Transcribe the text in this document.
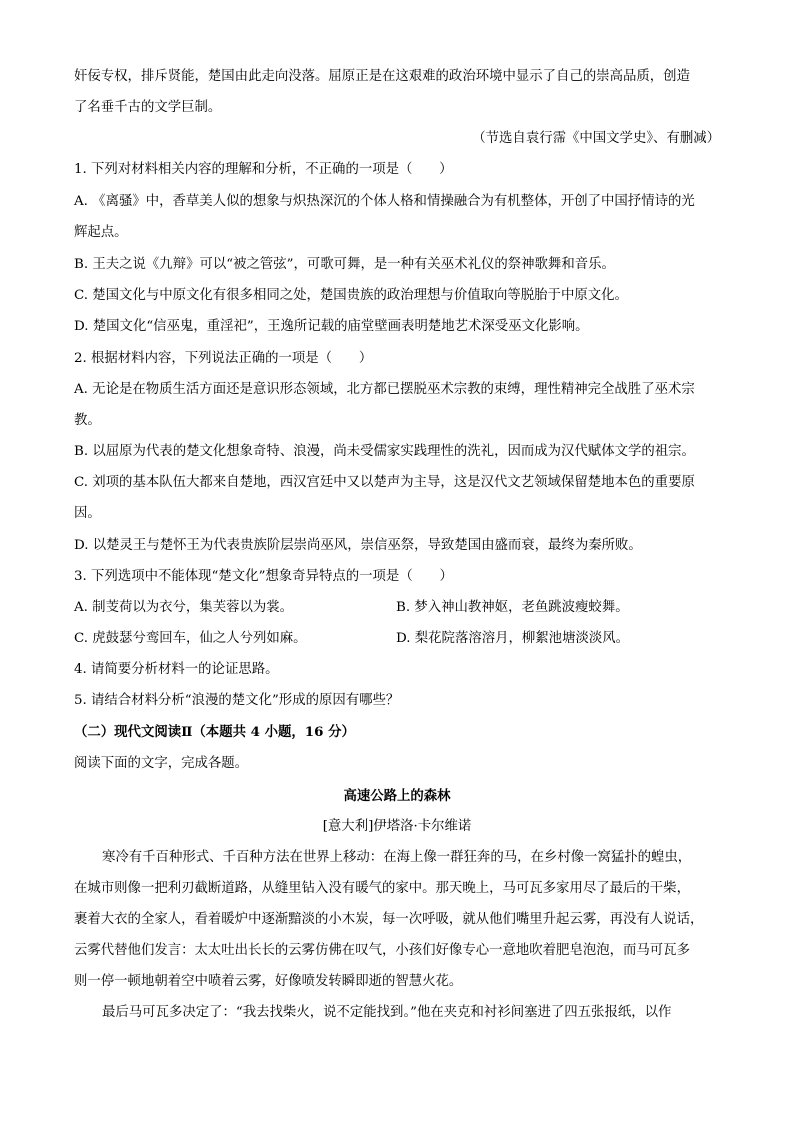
奸佞专权，排斥贤能，楚国由此走向没落。屈原正是在这艰难的政治环境中显示了自己的崇高品质，创造
了名垂千古的文学巨制。
（节选自袁行霈《中国文学史》、有删减）
1. 下列对材料相关内容的理解和分析，不正确的一项是（　　）
A. 《离骚》中，香草美人似的想象与炽热深沉的个体人格和情操融合为有机整体，开创了中国抒情诗的光
辉起点。
B. 王夫之说《九辩》可以“被之管弦”，可歌可舞，是一种有关巫术礼仪的祭神歌舞和音乐。
C. 楚国文化与中原文化有很多相同之处，楚国贵族的政治理想与价值取向等脱胎于中原文化。
D. 楚国文化“信巫鬼，重淫祀”，王逸所记载的庙堂壁画表明楚地艺术深受巫文化影响。
2. 根据材料内容，下列说法正确的一项是（　　）
A. 无论是在物质生活方面还是意识形态领域，北方都已摆脱巫术宗教的束缚，理性精神完全战胜了巫术宗
教。
B. 以屈原为代表的楚文化想象奇特、浪漫，尚未受儒家实践理性的洗礼，因而成为汉代赋体文学的祖宗。
C. 刘项的基本队伍大都来自楚地，西汉宫廷中又以楚声为主导，这是汉代文艺领域保留楚地本色的重要原
因。
D. 以楚灵王与楚怀王为代表贵族阶层崇尚巫风，崇信巫祭，导致楚国由盛而衰，最终为秦所败。
3. 下列选项中不能体现“楚文化”想象奇异特点的一项是（　　）
A. 制芰荷以为衣兮，集芙蓉以为裳。	B. 梦入神山教神妪，老鱼跳波瘦蛟舞。
C. 虎鼓瑟兮鸾回车，仙之人兮列如麻。	D. 梨花院落溶溶月，柳絮池塘淡淡风。
4. 请简要分析材料一的论证思路。
5. 请结合材料分析“浪漫的楚文化”形成的原因有哪些？
（二）现代文阅读Ⅱ（本题共 4 小题，16 分）
阅读下面的文字，完成各题。
高速公路上的森林
[意大利]伊塔洛·卡尔维诺
寒冷有千百种形式、千百种方法在世界上移动：在海上像一群狂奔的马，在乡村像一窝猛扑的蝗虫，
在城市则像一把利刃截断道路，从缝里钻入没有暖气的家中。那天晚上，马可瓦多家用尽了最后的干柴，
裹着大衣的全家人，看着暖炉中逐渐黯淡的小木炭，每一次呼吸，就从他们嘴里升起云雾，再没有人说话，
云雾代替他们发言：太太吐出长长的云雾仿佛在叹气，小孩们好像专心一意地吹着肥皂泡泡，而马可瓦多
则一停一顿地朝着空中喷着云雾，好像喷发转瞬即逝的智慧火花。
最后马可瓦多决定了：“我去找柴火，说不定能找到。”他在夹克和衬衫间塞进了四五张报纸，以作
